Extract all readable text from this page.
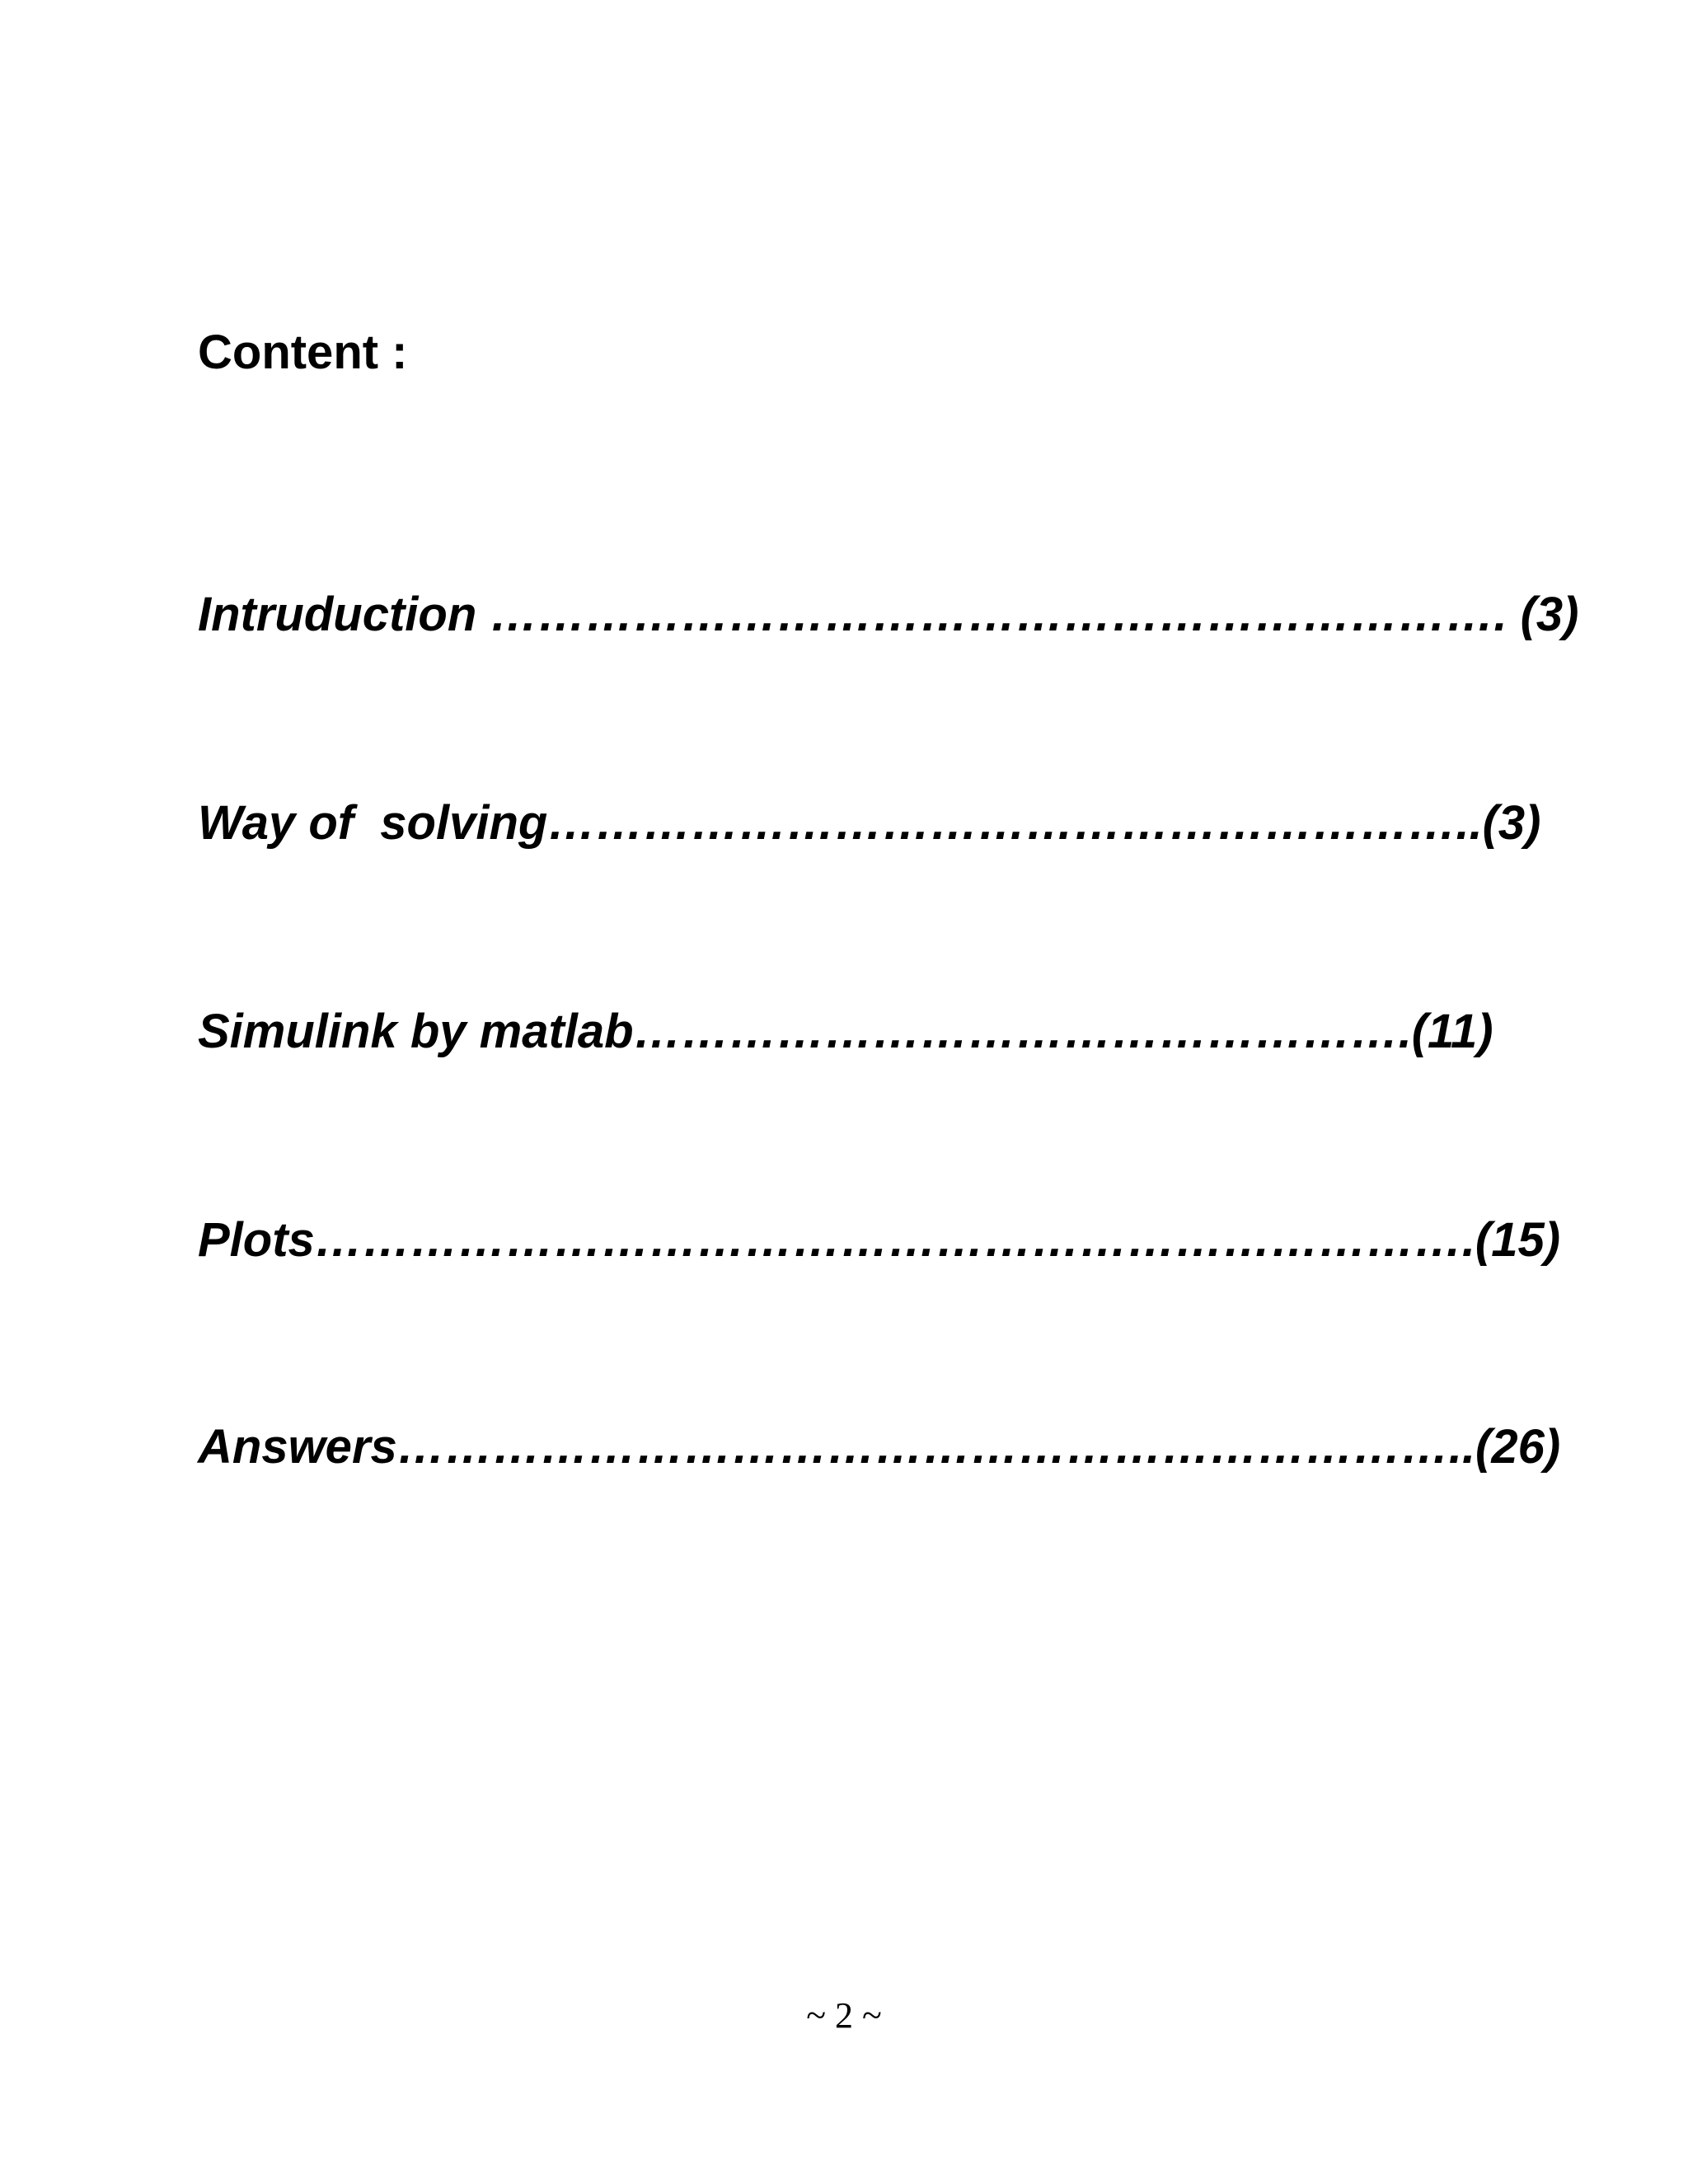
Content :
Intruduction ………………………………………………………. (3)
Way of  solving…………………………………………………..(3)
Simulink by matlab………………………………………….(11)
Plots……………………………………………………………….(15)
Answers…………………………………………………………..(26)
~ 2 ~
